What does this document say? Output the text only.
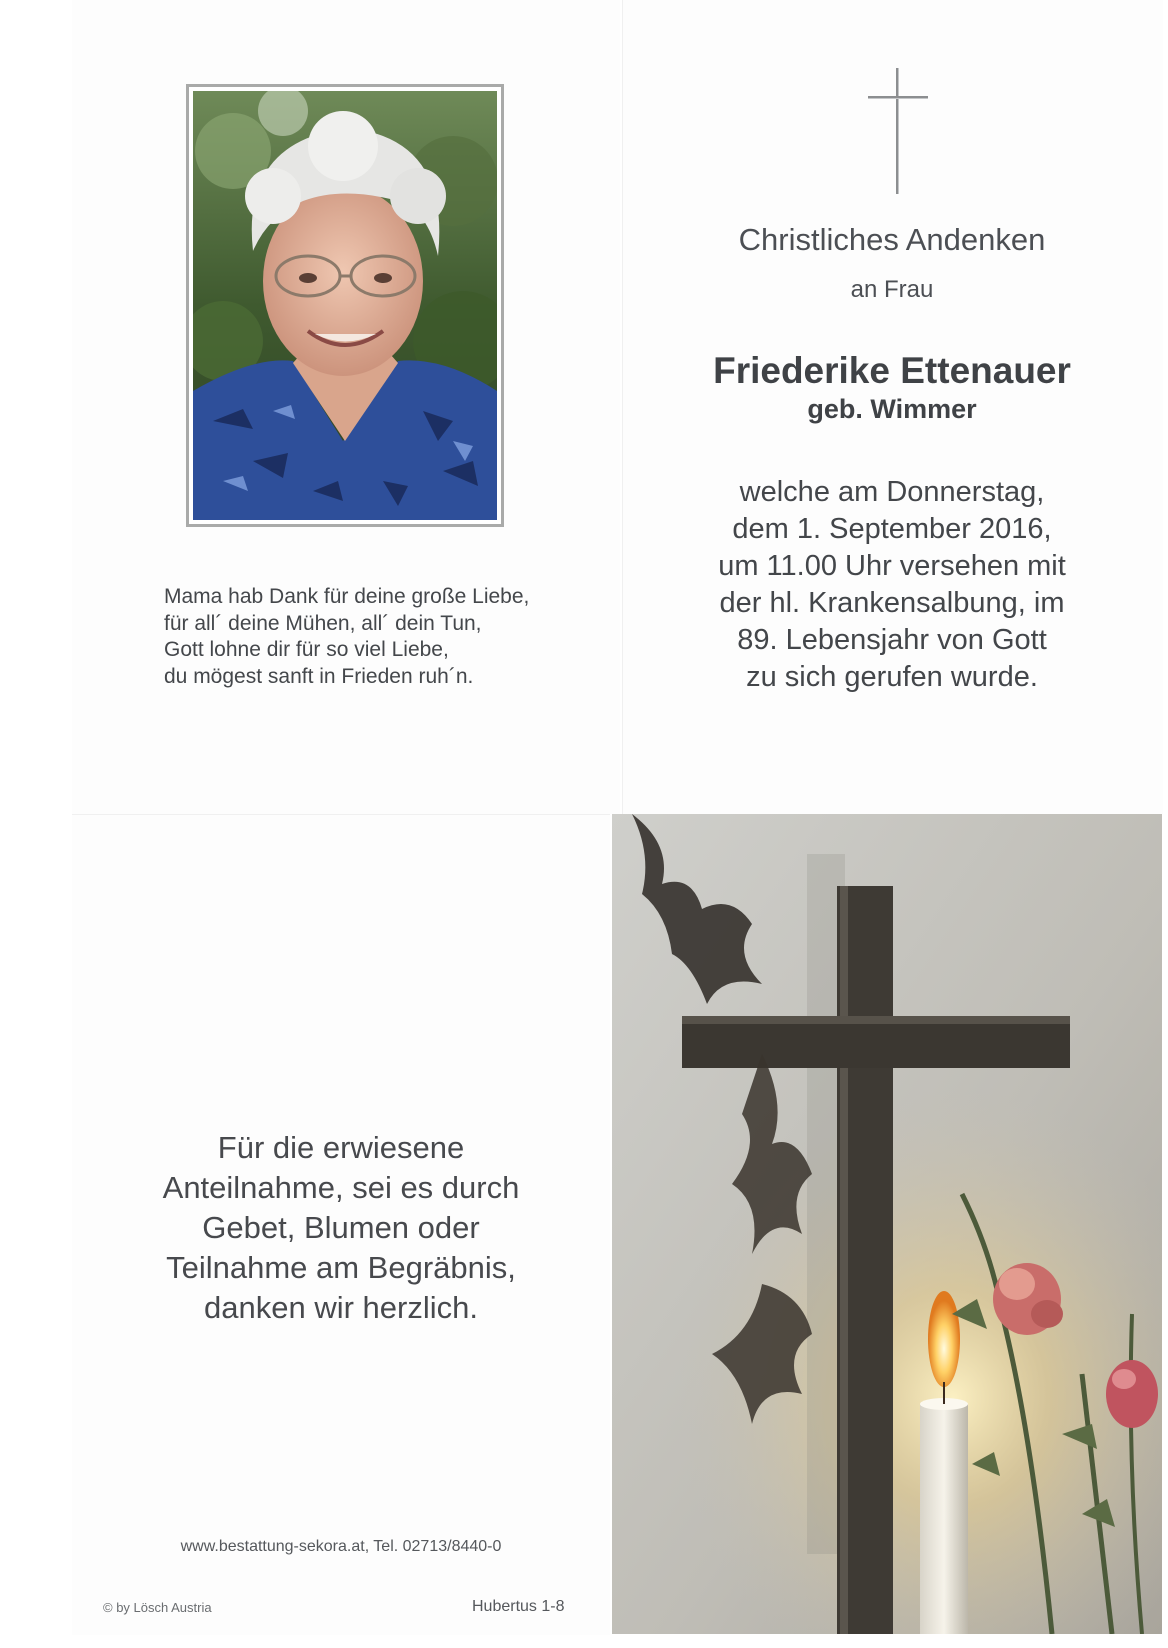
Mama hab Dank für deine große Liebe,
für all´ deine Mühen, all´ dein Tun,
Gott lohne dir für so viel Liebe,
du mögest sanft in Frieden ruh´n.
Christliches Andenken
an Frau
Friederike Ettenauer
geb. Wimmer
welche am Donnerstag,
dem 1. September 2016,
um 11.00 Uhr versehen mit
der hl. Krankensalbung, im
89. Lebensjahr von Gott
zu sich gerufen wurde.
Für die erwiesene
Anteilnahme, sei es durch
Gebet, Blumen oder
Teilnahme am Begräbnis,
danken wir herzlich.
www.bestattung-sekora.at, Tel. 02713/8440-0
© by Lösch Austria	Hubertus 1-8
